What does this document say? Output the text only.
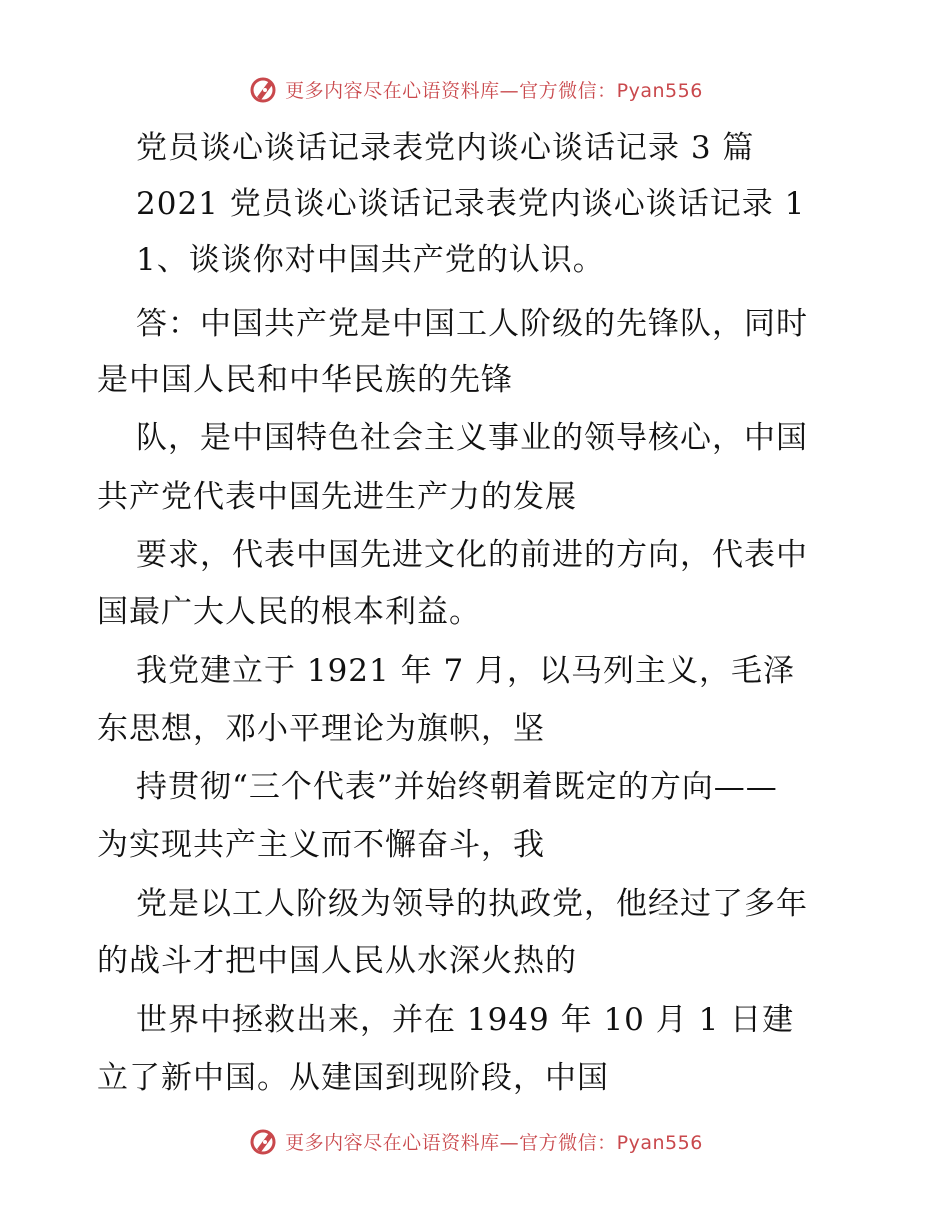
更多内容尽在心语资料库—官方微信：Pyan556
党员谈心谈话记录表党内谈心谈话记录 3 篇
2021 党员谈心谈话记录表党内谈心谈话记录 1
1、谈谈你对中国共产党的认识。
答：中国共产党是中国工人阶级的先锋队，同时
是中国人民和中华民族的先锋
队，是中国特色社会主义事业的领导核心，中国
共产党代表中国先进生产力的发展
要求，代表中国先进文化的前进的方向，代表中
国最广大人民的根本利益。
我党建立于 1921 年 7 月，以马列主义，毛泽
东思想，邓小平理论为旗帜，坚
持贯彻“三个代表”并始终朝着既定的方向——
为实现共产主义而不懈奋斗，我
党是以工人阶级为领导的执政党，他经过了多年
的战斗才把中国人民从水深火热的
世界中拯救出来，并在 1949 年 10 月 1 日建
立了新中国。从建国到现阶段，中国
更多内容尽在心语资料库—官方微信：Pyan556
